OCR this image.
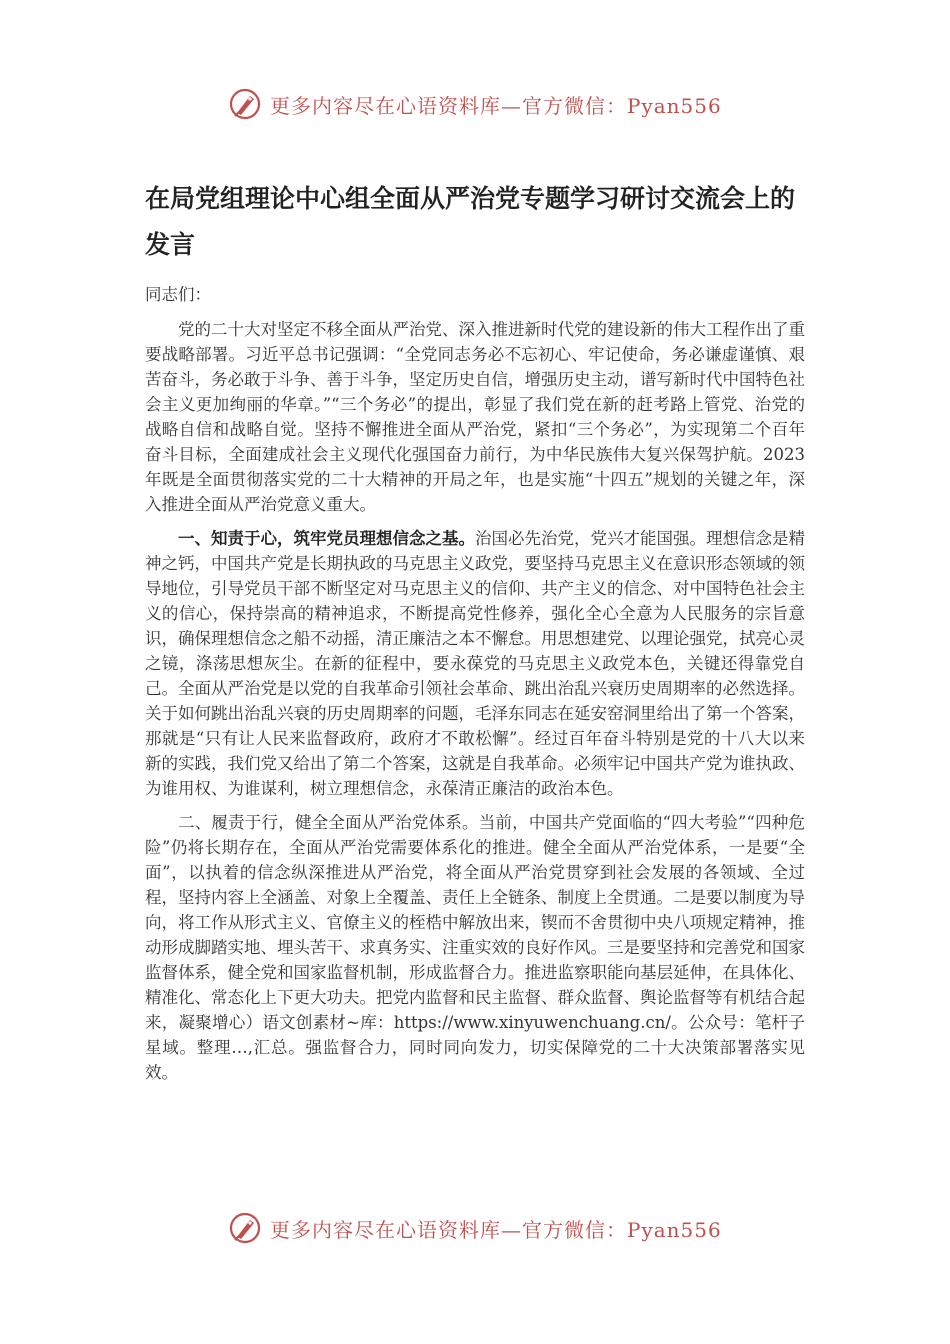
更多内容尽在心语资料库—官方微信：Pyan556
在局党组理论中心组全面从严治党专题学习研讨交流会上的发言

同志们：

党的二十大对坚定不移全面从严治党、深入推进新时代党的建设新的伟大工程作出了重要战略部署。习近平总书记强调：“全党同志务必不忘初心、牢记使命，务必谦虚谨慎、艰苦奋斗，务必敢于斗争、善于斗争，坚定历史自信，增强历史主动，谱写新时代中国特色社会主义更加绚丽的华章。”“三个务必”的提出，彰显了我们党在新的赶考路上管党、治党的战略自信和战略自觉。坚持不懈推进全面从严治党，紧扣“三个务必”，为实现第二个百年奋斗目标，全面建成社会主义现代化强国奋力前行，为中华民族伟大复兴保驾护航。2023年既是全面贯彻落实党的二十大精神的开局之年，也是实施“十四五”规划的关键之年，深入推进全面从严治党意义重大。

一、知责于心，筑牢党员理想信念之基。治国必先治党，党兴才能国强。理想信念是精神之钙，中国共产党是长期执政的马克思主义政党，要坚持马克思主义在意识形态领域的领导地位，引导党员干部不断坚定对马克思主义的信仰、共产主义的信念、对中国特色社会主义的信心，保持崇高的精神追求，不断提高党性修养，强化全心全意为人民服务的宗旨意识，确保理想信念之船不动摇，清正廉洁之本不懈怠。用思想建党、以理论强党，拭亮心灵之镜，涤荡思想灰尘。在新的征程中，要永葆党的马克思主义政党本色，关键还得靠党自己。全面从严治党是以党的自我革命引领社会革命、跳出治乱兴衰历史周期率的必然选择。关于如何跳出治乱兴衰的历史周期率的问题，毛泽东同志在延安窑洞里给出了第一个答案，那就是“只有让人民来监督政府，政府才不敢松懈”。经过百年奋斗特别是党的十八大以来新的实践，我们党又给出了第二个答案，这就是自我革命。必须牢记中国共产党为谁执政、为谁用权、为谁谋利，树立理想信念，永葆清正廉洁的政治本色。

二、履责于行，健全全面从严治党体系。当前，中国共产党面临的“四大考验”“四种危险”仍将长期存在，全面从严治党需要体系化的推进。健全全面从严治党体系，一是要“全面”，以执着的信念纵深推进从严治党，将全面从严治党贯穿到社会发展的各领域、全过程，坚持内容上全涵盖、对象上全覆盖、责任上全链条、制度上全贯通。二是要以制度为导向，将工作从形式主义、官僚主义的桎梏中解放出来，锲而不舍贯彻中央八项规定精神，推动形成脚踏实地、埋头苦干、求真务实、注重实效的良好作风。三是要坚持和完善党和国家监督体系，健全党和国家监督机制，形成监督合力。推进监察职能向基层延伸，在具体化、精准化、常态化上下更大功夫。把党内监督和民主监督、群众监督、舆论监督等有机结合起来，凝聚增心）语文创素材~库：https://www.xinyuwenchuang.cn/。公众号：笔杆子星域。整理…,汇总。强监督合力，同时同向发力，切实保障党的二十大决策部署落实见效。

更多内容尽在心语资料库—官方微信：Pyan556
